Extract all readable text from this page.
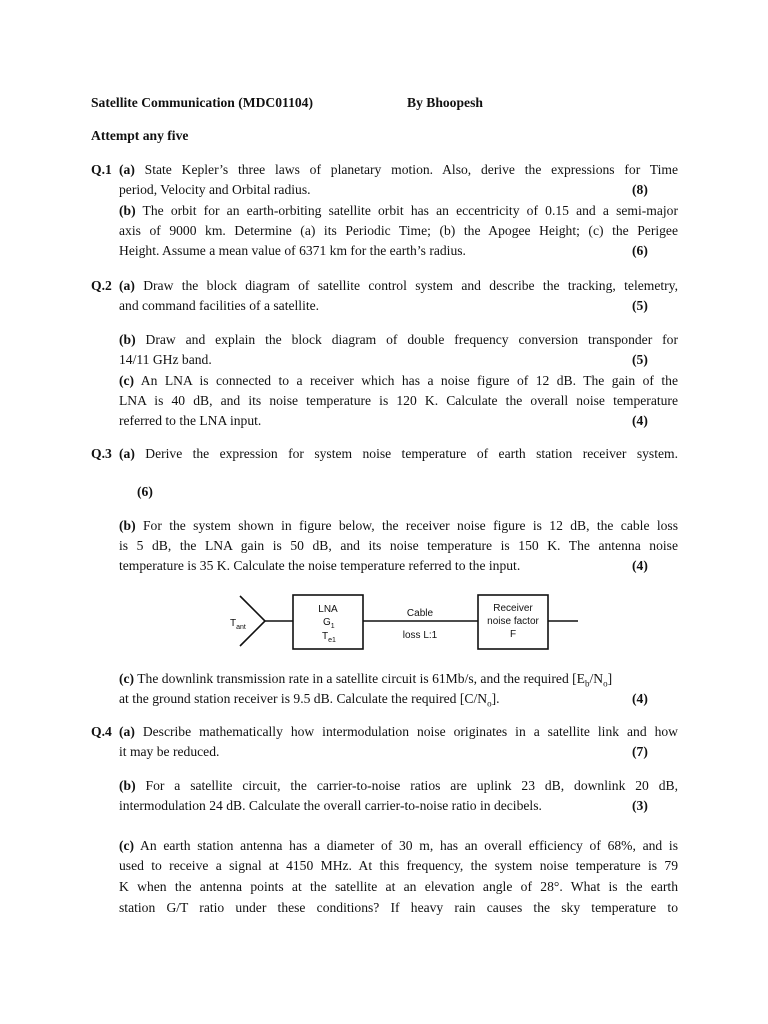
Satellite Communication (MDC01104)	By Bhoopesh
Attempt any five
Q.1 (a) State Kepler’s three laws of planetary motion. Also, derive the expressions for Time
period, Velocity and Orbital radius.	(8)
(b) The orbit for an earth-orbiting satellite orbit has an eccentricity of 0.15 and a semi-major
axis of 9000 km. Determine (a) its Periodic Time; (b) the Apogee Height; (c) the Perigee
Height. Assume a mean value of 6371 km for the earth’s radius.	(6)
Q.2 (a) Draw the block diagram of satellite control system and describe the tracking, telemetry,
and command facilities of a satellite.	(5)
(b) Draw and explain the block diagram of double frequency conversion transponder for
14/11 GHz band.	(5)
(c) An LNA is connected to a receiver which has a noise figure of 12 dB. The gain of the
LNA is 40 dB, and its noise temperature is 120 K. Calculate the overall noise temperature
referred to the LNA input.	(4)
Q.3 (a) Derive the expression for system noise temperature of earth station receiver system.
(6)
(b) For the system shown in figure below, the receiver noise figure is 12 dB, the cable loss
is 5 dB, the LNA gain is 50 dB, and its noise temperature is 150 K. The antenna noise
temperature is 35 K. Calculate the noise temperature referred to the input.	(4)
$T_{ant}$
LNA
$G_1$
$T_{e1}$
Cable
loss L:1
Receiver
noise factor
F
(c) The downlink transmission rate in a satellite circuit is 61Mb/s, and the required $[E_b/N_o]$
at the ground station receiver is 9.5 dB. Calculate the required $[C/N_o]$.	(4)
Q.4 (a) Describe mathematically how intermodulation noise originates in a satellite link and how
it may be reduced.	(7)
(b) For a satellite circuit, the carrier-to-noise ratios are uplink 23 dB, downlink 20 dB,
intermodulation 24 dB. Calculate the overall carrier-to-noise ratio in decibels.	(3)
(c) An earth station antenna has a diameter of 30 m, has an overall efficiency of 68%, and is
used to receive a signal at 4150 MHz. At this frequency, the system noise temperature is 79
K when the antenna points at the satellite at an elevation angle of 28°. What is the earth
station G/T ratio under these conditions? If heavy rain causes the sky temperature to
